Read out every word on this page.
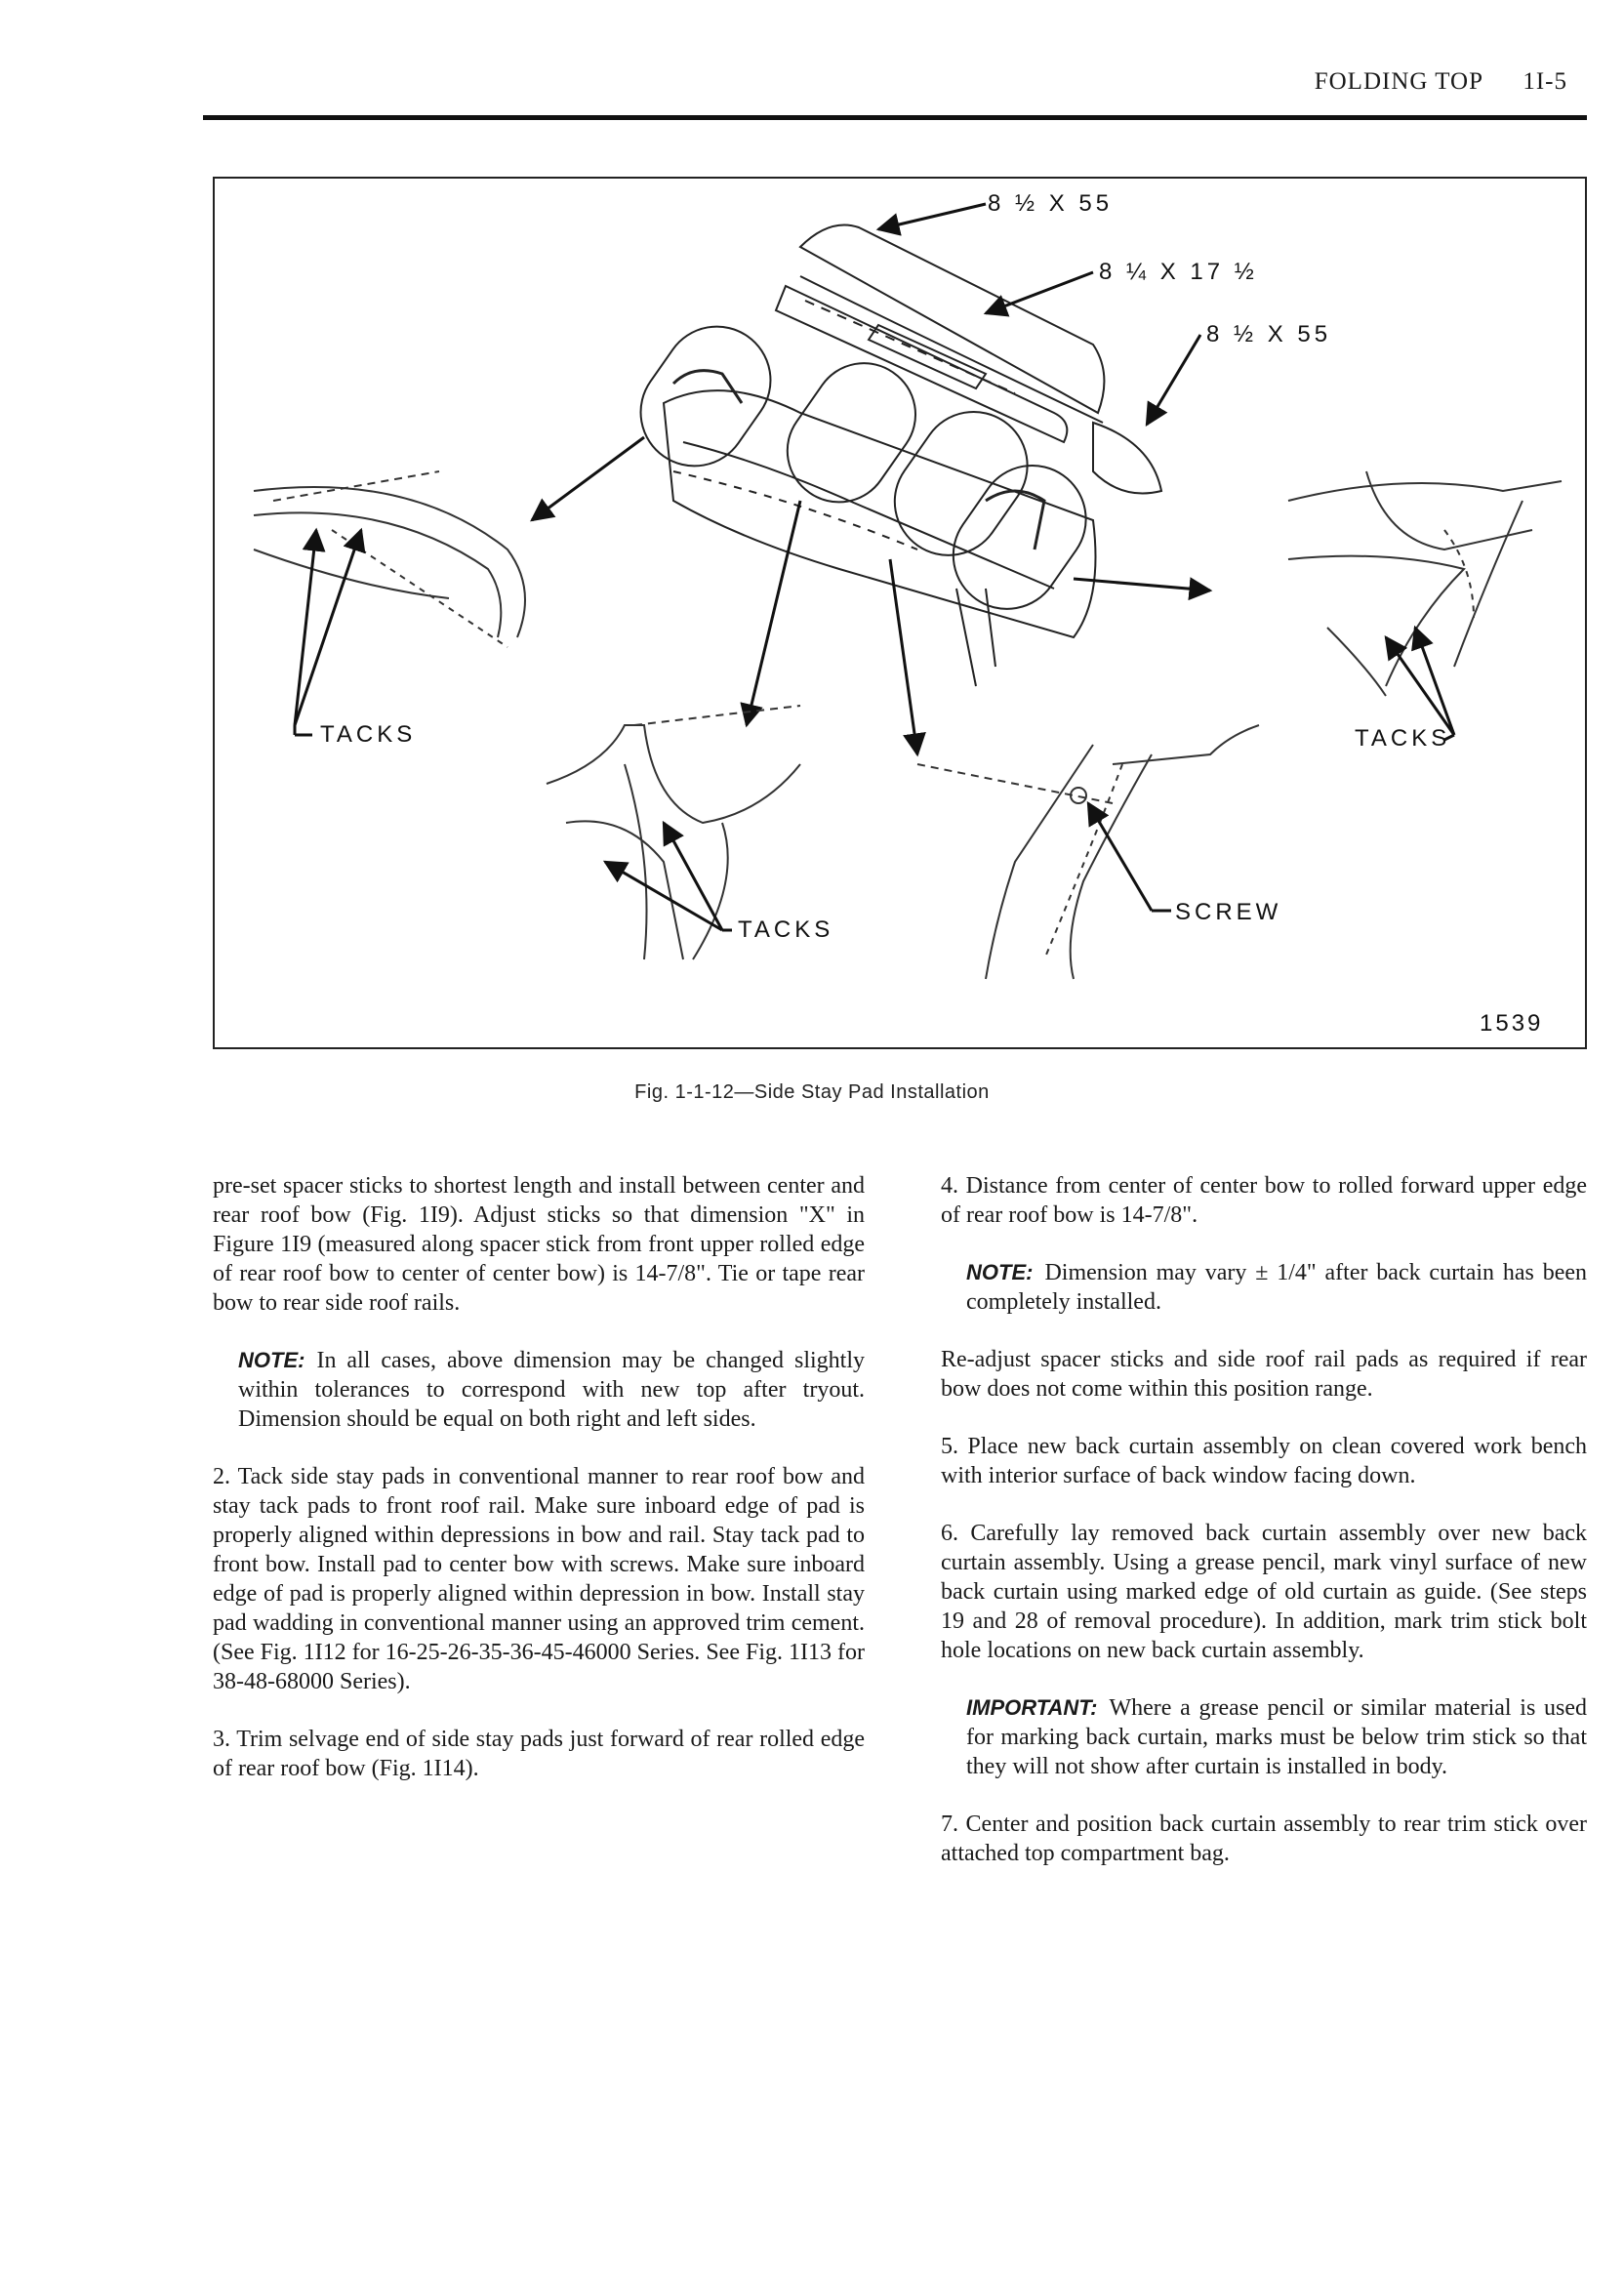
FOLDING TOP 1I-5
8 ½ X 55
8 ¼ X 17 ½
8 ½ X 55
TACKS	TACKS
TACKS
SCREW
1539
Fig. 1-1-12—Side Stay Pad Installation

pre-set spacer sticks to shortest length and install between center and rear roof bow (Fig. 1I9). Adjust sticks so that dimension "X" in Figure 1I9 (measured along spacer stick from front upper rolled edge of rear roof bow to center of center bow) is 14-7/8". Tie or tape rear bow to rear side roof rails.

NOTE: In all cases, above dimension may be changed slightly within tolerances to correspond with new top after tryout. Dimension should be equal on both right and left sides.

2. Tack side stay pads in conventional manner to rear roof bow and stay tack pads to front roof rail. Make sure inboard edge of pad is properly aligned within depressions in bow and rail. Stay tack pad to front bow. Install pad to center bow with screws. Make sure inboard edge of pad is properly aligned within depression in bow. Install stay pad wadding in conventional manner using an approved trim cement. (See Fig. 1I12 for 16-25-26-35-36-45-46000 Series. See Fig. 1I13 for 38-48-68000 Series).

3. Trim selvage end of side stay pads just forward of rear rolled edge of rear roof bow (Fig. 1I14).

4. Distance from center of center bow to rolled forward upper edge of rear roof bow is 14-7/8".

NOTE: Dimension may vary ± 1/4" after back curtain has been completely installed.

Re-adjust spacer sticks and side roof rail pads as required if rear bow does not come within this position range.

5. Place new back curtain assembly on clean covered work bench with interior surface of back window facing down.

6. Carefully lay removed back curtain assembly over new back curtain assembly. Using a grease pencil, mark vinyl surface of new back curtain using marked edge of old curtain as guide. (See steps 19 and 28 of removal procedure). In addition, mark trim stick bolt hole locations on new back curtain assembly.

IMPORTANT: Where a grease pencil or similar material is used for marking back curtain, marks must be below trim stick so that they will not show after curtain is installed in body.

7. Center and position back curtain assembly to rear trim stick over attached top compartment bag.
